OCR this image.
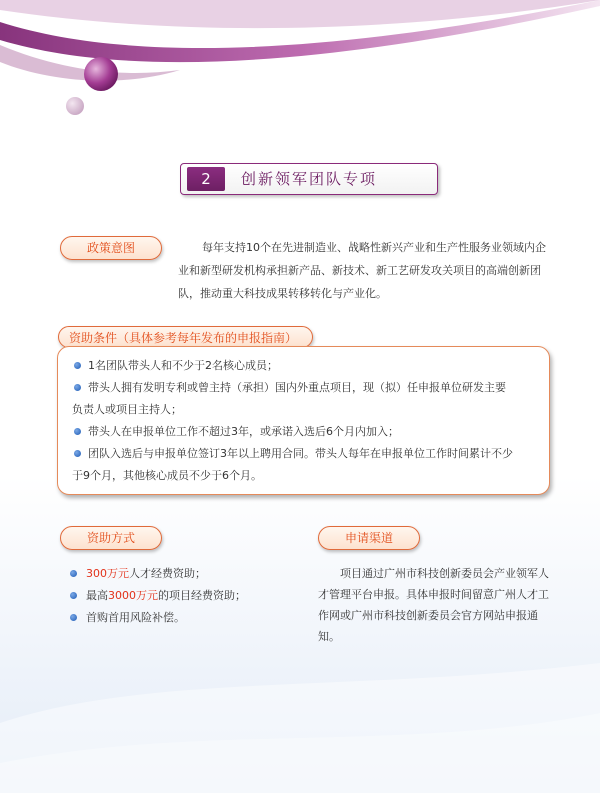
2	创新领军团队专项
政策意图	每年支持10个在先进制造业、战略性新兴产业和生产性服务业领域内企业和新型研发机构承担新产品、新技术、新工艺研发攻关项目的高端创新团队，推动重大科技成果转移转化与产业化。
资助条件（具体参考每年发布的申报指南）
1名团队带头人和不少于2名核心成员；
带头人拥有发明专利或曾主持（承担）国内外重点项目，现（拟）任申报单位研发主要
负责人或项目主持人；
带头人在申报单位工作不超过3年，或承诺入选后6个月内加入；
团队入选后与申报单位签订3年以上聘用合同。带头人每年在申报单位工作时间累计不少
于9个月，其他核心成员不少于6个月。
资助方式
300万元人才经费资助；
最高3000万元的项目经费资助；
首购首用风险补偿。
申请渠道
项目通过广州市科技创新委员会产业领军人才管理平台申报。具体申报时间留意广州人才工作网或广州市科技创新委员会官方网站申报通知。
